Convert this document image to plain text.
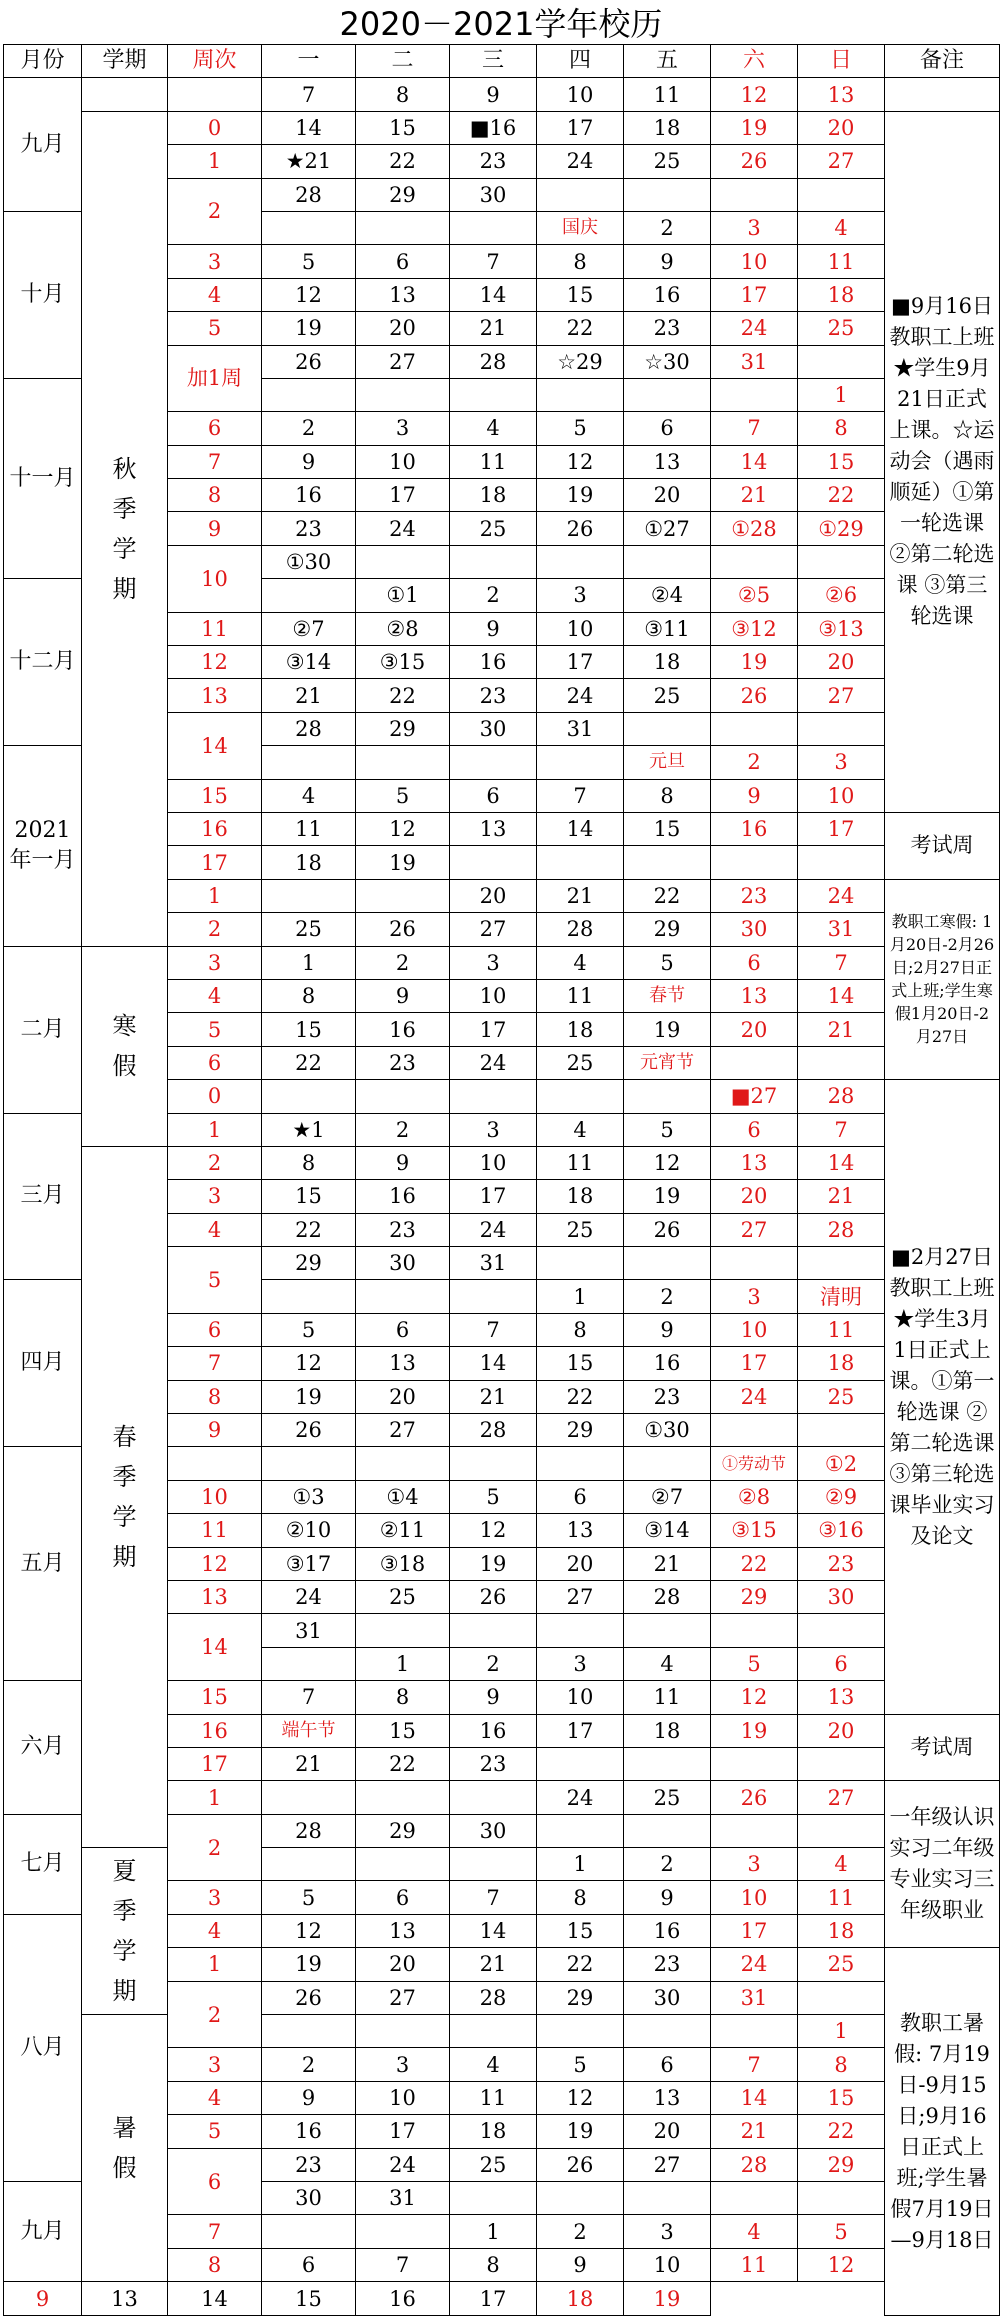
2020－2021学年校历
月份	学期	周次	一	二	三	四	五	六	日	备注
九月			7	8	9	10	11	12	13	
	秋季学期	0	14	15	■16	17	18	19	20	■9月16日教职工上班★学生9月21日正式上课。☆运动会（遇雨顺延）①第一轮选课 ②第二轮选课 ③第三轮选课
		1	★21	22	23	24	25	26	27	
		2	28	29	30					
十月						国庆	2	3	4	
		3	5	6	7	8	9	10	11	
		4	12	13	14	15	16	17	18	
		5	19	20	21	22	23	24	25	
		加1周	26	27	28	☆29	☆30	31		
十一月									1	
		6	2	3	4	5	6	7	8	
		7	9	10	11	12	13	14	15	
		8	16	17	18	19	20	21	22	
		9	23	24	25	26	①27	①28	①29	
		10	①30							
十二月				①1	2	3	②4	②5	②6	
		11	②7	②8	9	10	③11	③12	③13	
		12	③14	③15	16	17	18	19	20	
		13	21	22	23	24	25	26	27	
		14	28	29	30	31				
2021年一月							元旦	2	3	
		15	4	5	6	7	8	9	10	
		16	11	12	13	14	15	16	17	考试周
		17	18	19						
		1			20	21	22	23	24	教职工寒假: 1月20日-2月26日;2月27日正式上班;学生寒假1月20日-2月27日
		2	25	26	27	28	29	30	31	
二月	寒假	3	1	2	3	4	5	6	7	
		4	8	9	10	11	春节	13	14	
		5	15	16	17	18	19	20	21	
		6	22	23	24	25	元宵节			
		0						■27	28	■2月27日教职工上班★学生3月1日正式上课。①第一轮选课 ②第二轮选课 ③第三轮选课毕业实习及论文
三月		1	★1	2	3	4	5	6	7	
	春季学期	2	8	9	10	11	12	13	14	
		3	15	16	17	18	19	20	21	
		4	22	23	24	25	26	27	28	
		5	29	30	31					
四月						1	2	3	清明	
		6	5	6	7	8	9	10	11	
		7	12	13	14	15	16	17	18	
		8	19	20	21	22	23	24	25	
		9	26	27	28	29	①30			
五月								①劳动节	①2	
		10	①3	①4	5	6	②7	②8	②9	
		11	②10	②11	12	13	③14	③15	③16	
		12	③17	③18	19	20	21	22	23	
		13	24	25	26	27	28	29	30	
		14	31							
				1	2	3	4	5	6	
六月		15	7	8	9	10	11	12	13	
		16	端午节	15	16	17	18	19	20	考试周
		17	21	22	23					
		1				24	25	26	27	一年级认识实习二年级专业实习三年级职业
七月		2	28	29	30					
	夏季学期					1	2	3	4	
		3	5	6	7	8	9	10	11	
八月		4	12	13	14	15	16	17	18	
		1	19	20	21	22	23	24	25	教职工暑假: 7月19日-9月15日;9月16日正式上班;学生暑假7月19日—9月18日
		2	26	27	28	29	30	31		
	暑假								1	
		3	2	3	4	5	6	7	8	
		4	9	10	11	12	13	14	15	
		5	16	17	18	19	20	21	22	
		6	23	24	25	26	27	28	29	
九月			30	31						
		7			1	2	3	4	5	
		8	6	7	8	9	10	11	12	
9	13	14	15	16	17	18	19			
